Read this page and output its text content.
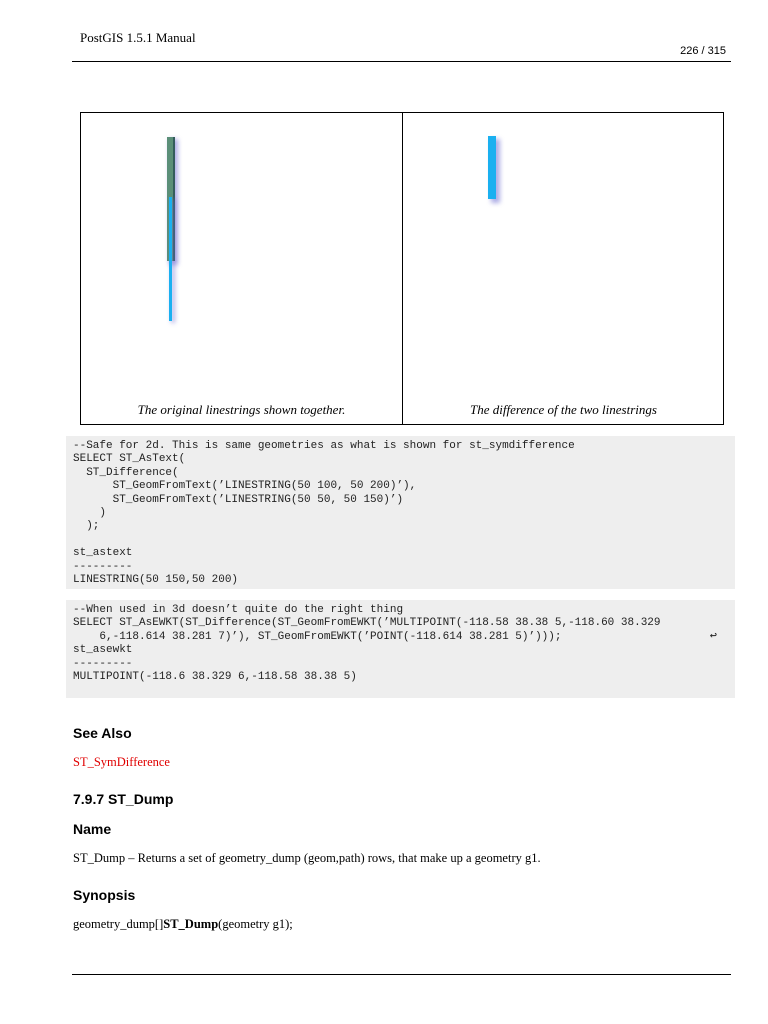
PostGIS 1.5.1 Manual
226 / 315
The original linestrings shown together.	The difference of the two linestrings
--Safe for 2d. This is same geometries as what is shown for st_symdifference
SELECT ST_AsText(
ST_Difference(
ST_GeomFromText(’LINESTRING(50 100, 50 200)’),
ST_GeomFromText(’LINESTRING(50 50, 50 150)’)
)
);

st_astext
---------
LINESTRING(50 150,50 200)
--When used in 3d doesn’t quite do the right thing
SELECT ST_AsEWKT(ST_Difference(ST_GeomFromEWKT(’MULTIPOINT(-118.58 38.38 5,-118.60 38.329
6,-118.614 38.281 7)’), ST_GeomFromEWKT(’POINT(-118.614 38.281 5)’)));
st_asewkt
---------
MULTIPOINT(-118.6 38.329 6,-118.58 38.38 5)
↩
See Also
ST_SymDifference
7.9.7 ST_Dump
Name
ST_Dump – Returns a set of geometry_dump (geom,path) rows, that make up a geometry g1.
Synopsis
geometry_dump[]ST_Dump(geometry g1);
